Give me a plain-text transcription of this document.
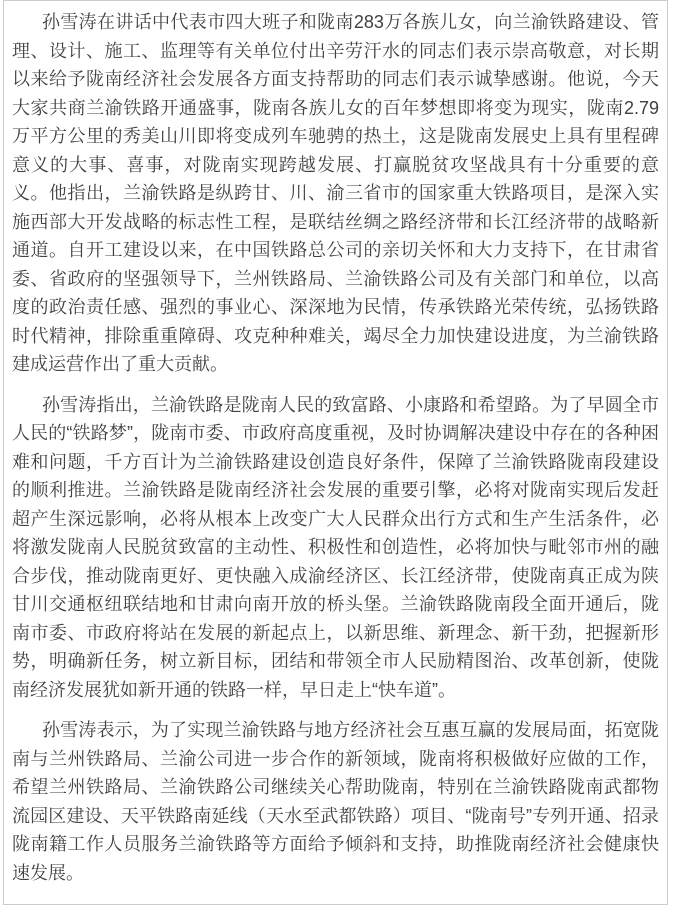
孙雪涛在讲话中代表市四大班子和陇南283万各族儿女，向兰渝铁路建设、管理、设计、施工、监理等有关单位付出辛劳汗水的同志们表示崇高敬意，对长期以来给予陇南经济社会发展各方面支持帮助的同志们表示诚挚感谢。他说，今天大家共商兰渝铁路开通盛事，陇南各族儿女的百年梦想即将变为现实，陇南2.79万平方公里的秀美山川即将变成列车驰骋的热土，这是陇南发展史上具有里程碑意义的大事、喜事，对陇南实现跨越发展、打赢脱贫攻坚战具有十分重要的意义。他指出，兰渝铁路是纵跨甘、川、渝三省市的国家重大铁路项目，是深入实施西部大开发战略的标志性工程，是联结丝绸之路经济带和长江经济带的战略新通道。自开工建设以来，在中国铁路总公司的亲切关怀和大力支持下，在甘肃省委、省政府的坚强领导下，兰州铁路局、兰渝铁路公司及有关部门和单位，以高度的政治责任感、强烈的事业心、深深地为民情，传承铁路光荣传统，弘扬铁路时代精神，排除重重障碍、攻克种种难关，竭尽全力加快建设进度，为兰渝铁路建成运营作出了重大贡献。

孙雪涛指出，兰渝铁路是陇南人民的致富路、小康路和希望路。为了早圆全市人民的“铁路梦”，陇南市委、市政府高度重视，及时协调解决建设中存在的各种困难和问题，千方百计为兰渝铁路建设创造良好条件，保障了兰渝铁路陇南段建设的顺利推进。兰渝铁路是陇南经济社会发展的重要引擎，必将对陇南实现后发赶超产生深远影响，必将从根本上改变广大人民群众出行方式和生产生活条件，必将激发陇南人民脱贫致富的主动性、积极性和创造性，必将加快与毗邻市州的融合步伐，推动陇南更好、更快融入成渝经济区、长江经济带，使陇南真正成为陕甘川交通枢纽联结地和甘肃向南开放的桥头堡。兰渝铁路陇南段全面开通后，陇南市委、市政府将站在发展的新起点上，以新思维、新理念、新干劲，把握新形势，明确新任务，树立新目标，团结和带领全市人民励精图治、改革创新，使陇南经济发展犹如新开通的铁路一样，早日走上“快车道”。

孙雪涛表示，为了实现兰渝铁路与地方经济社会互惠互赢的发展局面，拓宽陇南与兰州铁路局、兰渝公司进一步合作的新领域，陇南将积极做好应做的工作，希望兰州铁路局、兰渝铁路公司继续关心帮助陇南，特别在兰渝铁路陇南武都物流园区建设、天平铁路南延线（天水至武都铁路）项目、“陇南号”专列开通、招录陇南籍工作人员服务兰渝铁路等方面给予倾斜和支持，助推陇南经济社会健康快速发展。
